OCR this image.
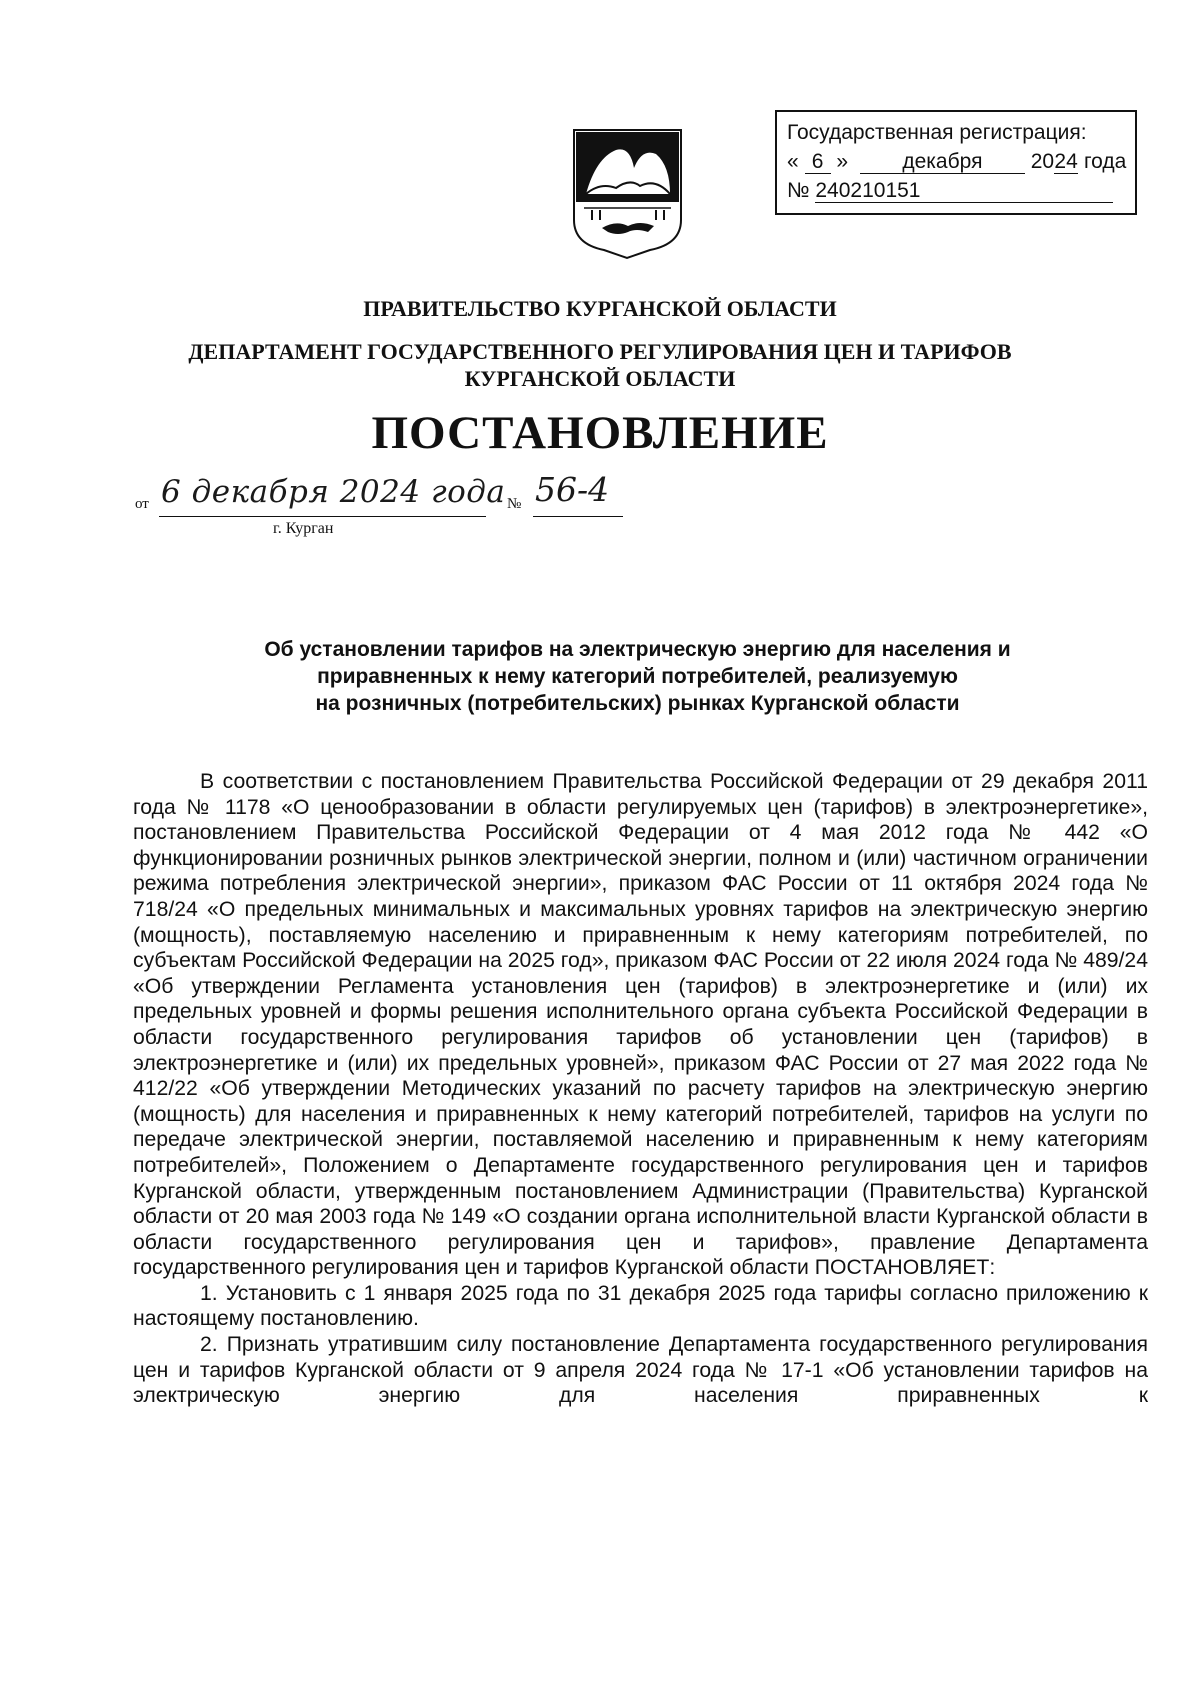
Государственная регистрация:
« 6 »	декабря 2024 года
№ 240210151
ПРАВИТЕЛЬСТВО КУРГАНСКОЙ ОБЛАСТИ
ДЕПАРТАМЕНТ ГОСУДАРСТВЕННОГО РЕГУЛИРОВАНИЯ ЦЕН И ТАРИФОВ
КУРГАНСКОЙ ОБЛАСТИ
ПОСТАНОВЛЕНИЕ
от 6 декабря 2024 года № 56-4
г. Курган
Об установлении тарифов на электрическую энергию для населения и
приравненных к нему категорий потребителей, реализуемую
на розничных (потребительских) рынках Курганской области

В соответствии с постановлением Правительства Российской Федерации от 29 декабря 2011 года № 1178 «О ценообразовании в области регулируемых цен (тарифов) в электроэнергетике», постановлением Правительства Российской Федерации от 4 мая 2012 года № 442 «О функционировании розничных рынков электрической энергии, полном и (или) частичном ограничении режима потребления электрической энергии», приказом ФАС России от 11 октября 2024 года № 718/24 «О предельных минимальных и максимальных уровнях тарифов на электрическую энергию (мощность), поставляемую населению и приравненным к нему категориям потребителей, по субъектам Российской Федерации на 2025 год», приказом ФАС России от 22 июля 2024 года № 489/24 «Об утверждении Регламента установления цен (тарифов) в электроэнергетике и (или) их предельных уровней и формы решения исполнительного органа субъекта Российской Федерации в области государственного регулирования тарифов об установлении цен (тарифов) в электроэнергетике и (или) их предельных уровней», приказом ФАС России от 27 мая 2022 года № 412/22 «Об утверждении Методических указаний по расчету тарифов на электрическую энергию (мощность) для населения и приравненных к нему категорий потребителей, тарифов на услуги по передаче электрической энергии, поставляемой населению и приравненным к нему категориям потребителей», Положением о Департаменте государственного регулирования цен и тарифов Курганской области, утвержденным постановлением Администрации (Правительства) Курганской области от 20 мая 2003 года № 149 «О создании органа исполнительной власти Курганской области в области государственного регулирования цен и тарифов», правление Департамента государственного регулирования цен и тарифов Курганской области ПОСТАНОВЛЯЕТ:

1. Установить с 1 января 2025 года по 31 декабря 2025 года тарифы согласно приложению к настоящему постановлению.

2. Признать утратившим силу постановление Департамента государственного регулирования цен и тарифов Курганской области от 9 апреля 2024 года № 17-1 «Об установлении тарифов на электрическую энергию для населения приравненных к
